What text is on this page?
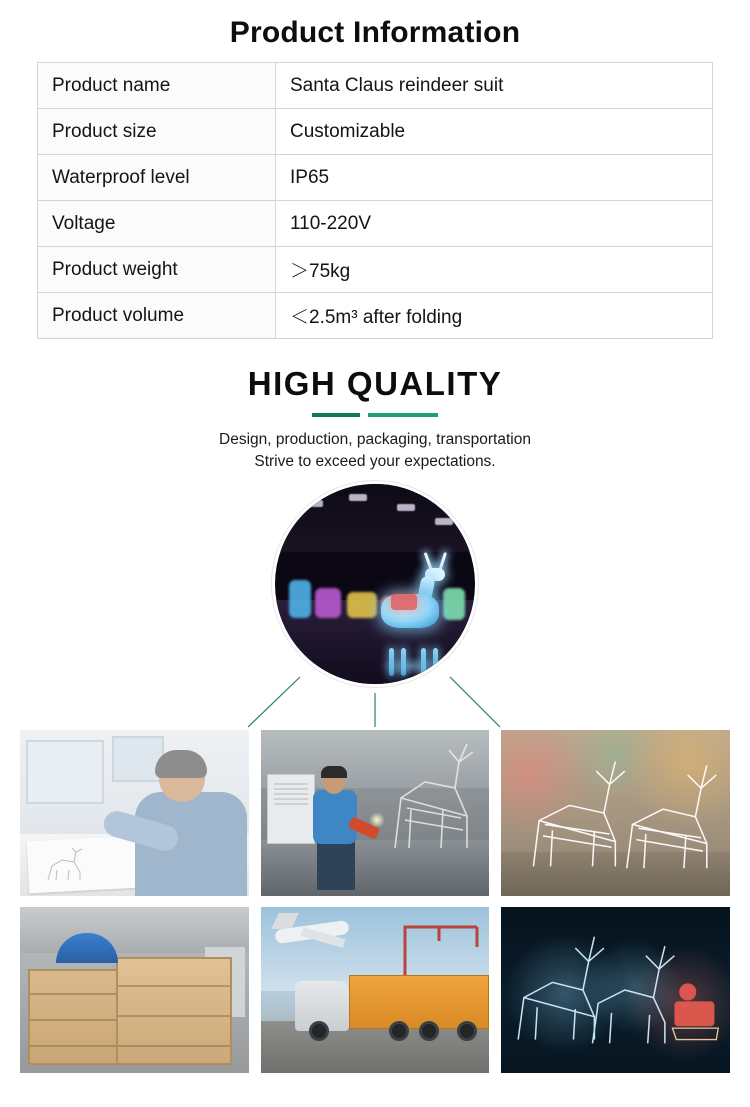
Product Information
Product name	Santa Claus reindeer suit
Product size	Customizable
Waterproof level	IP65
Voltage	110-220V
Product weight	＞75kg
Product volume	＜2.5m³ after folding
HIGH QUALITY
Design, production, packaging, transportation
Strive to exceed your expectations.
